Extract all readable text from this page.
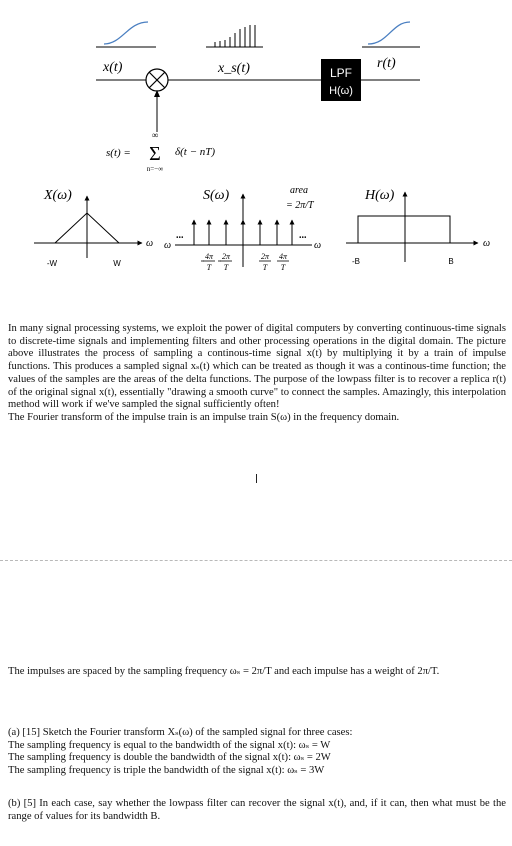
x(t)	x_s(t)	LPF
H(ω)
r(t)
s(t) =
∞
Σ
n=−∞
δ(t − nT)
X(ω)
ω
-W	W
S(ω)	area
= 2π/T
...	...
ω	ω
4π
T
2π
T
2π
T
4π
T
H(ω)
ω
-B	B

In many signal processing systems, we exploit the power of digital computers by converting continuous-time signals to discrete-time signals and implementing filters and other processing operations in the digital domain. The picture above illustrates the process of sampling a continous-time signal x(t) by multiplying it by a train of impulse functions. This produces a sampled signal xₛ(t) which can be treated as though it was a continous-time function; the values of the samples are the areas of the delta functions. The purpose of the lowpass filter is to recover a replica r(t) of the original signal x(t), essentially "drawing a smooth curve" to connect the samples. Amazingly, this interpolation method will work if we've sampled the signal sufficiently often!

The Fourier transform of the impulse train is an impulse train S(ω) in the frequency domain.

The impulses are spaced by the sampling frequency ωₛ = 2π/T and each impulse has a weight of 2π/T.

(a) [15] Sketch the Fourier transform Xₛ(ω) of the sampled signal for three cases:
The sampling frequency is equal to the bandwidth of the signal x(t): ωₛ = W
The sampling frequency is double the bandwidth of the signal x(t): ωₛ = 2W
The sampling frequency is triple the bandwidth of the signal x(t): ωₛ = 3W

(b) [5] In each case, say whether the lowpass filter can recover the signal x(t), and, if it can, then what must be the range of values for its bandwidth B.
